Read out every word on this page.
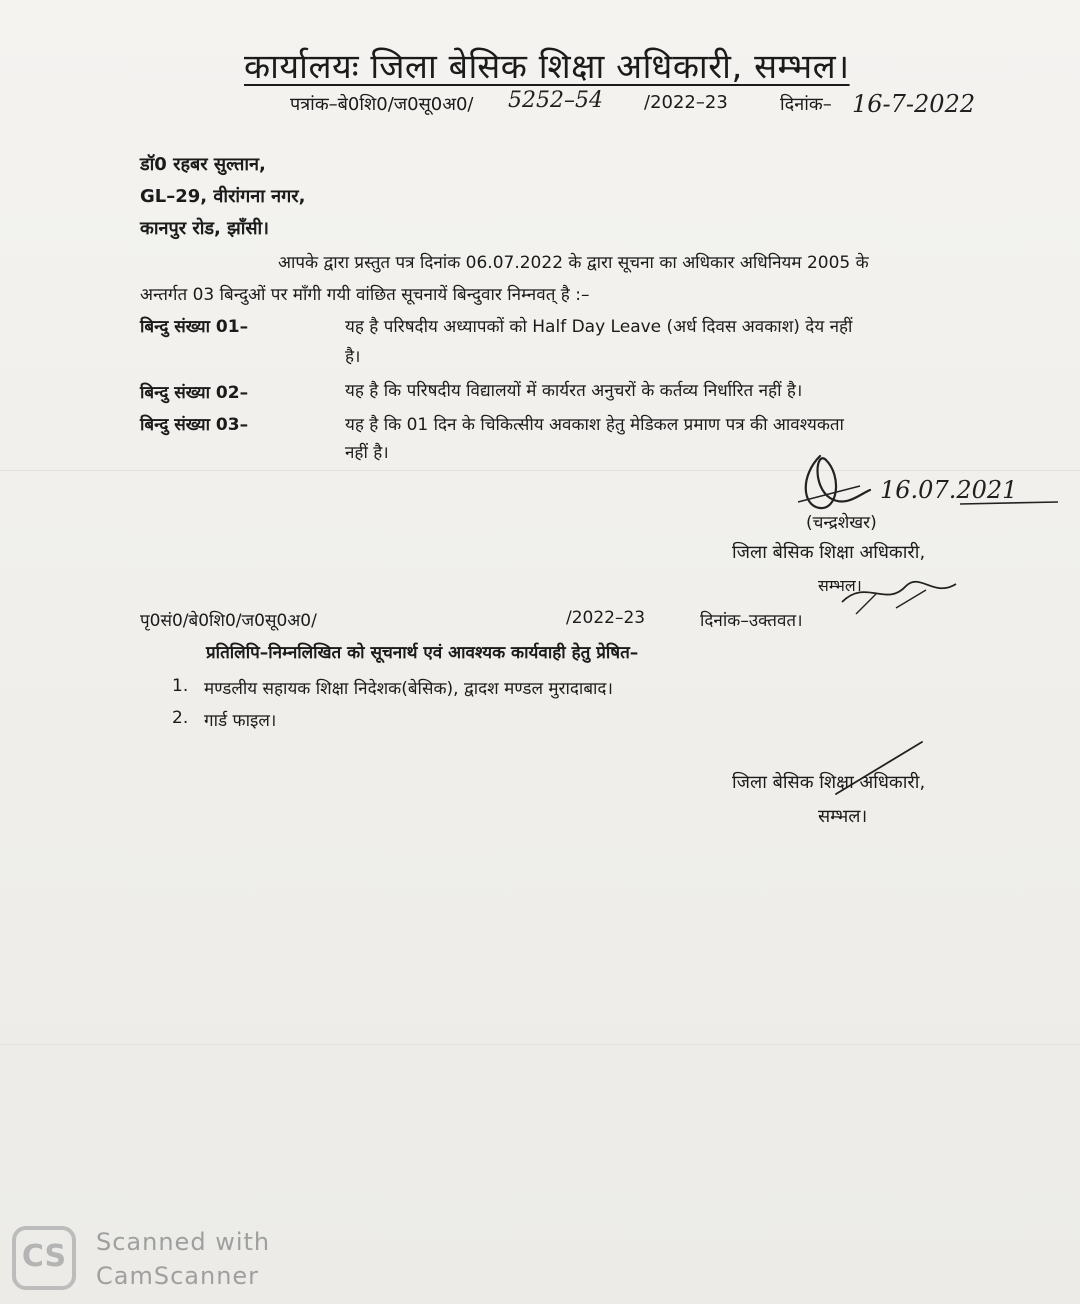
कार्यालयः जिला बेसिक शिक्षा अधिकारी, सम्भल।
पत्रांक–बे0शि0/ज0सू0अ0/ 5252–54 /2022–23	दिनांक– 16-7-2022
डॉ0 रहबर सुल्तान,
GL–29, वीरांगना नगर,
कानपुर रोड, झाँसी।
आपके द्वारा प्रस्तुत पत्र दिनांक 06.07.2022 के द्वारा सूचना का अधिकार अधिनियम 2005 के
अन्तर्गत 03 बिन्दुओं पर माँगी गयी वांछित सूचनायें बिन्दुवार निम्नवत् है :–
बिन्दु संख्या 01–	यह है परिषदीय अध्यापकों को Half Day Leave (अर्ध दिवस अवकाश) देय नहीं
है।
बिन्दु संख्या 02–	यह है कि परिषदीय विद्यालयों में कार्यरत अनुचरों के कर्तव्य निर्धारित नहीं है।
बिन्दु संख्या 03–	यह है कि 01 दिन के चिकित्सीय अवकाश हेतु मेडिकल प्रमाण पत्र की आवश्यकता
नहीं है।
16.07.2021
(चन्द्रशेखर)
जिला बेसिक शिक्षा अधिकारी,
सम्भल।
पृ0सं0/बे0शि0/ज0सू0अ0/	/2022–23	दिनांक–उक्तवत।
प्रतिलिपि–निम्नलिखित को सूचनार्थ एवं आवश्यक कार्यवाही हेतु प्रेषित–
1. मण्डलीय सहायक शिक्षा निदेशक(बेसिक), द्वादश मण्डल मुरादाबाद।
2. गार्ड फाइल।
जिला बेसिक शिक्षा अधिकारी,
सम्भल।
CS	Scanned with
CamScanner
